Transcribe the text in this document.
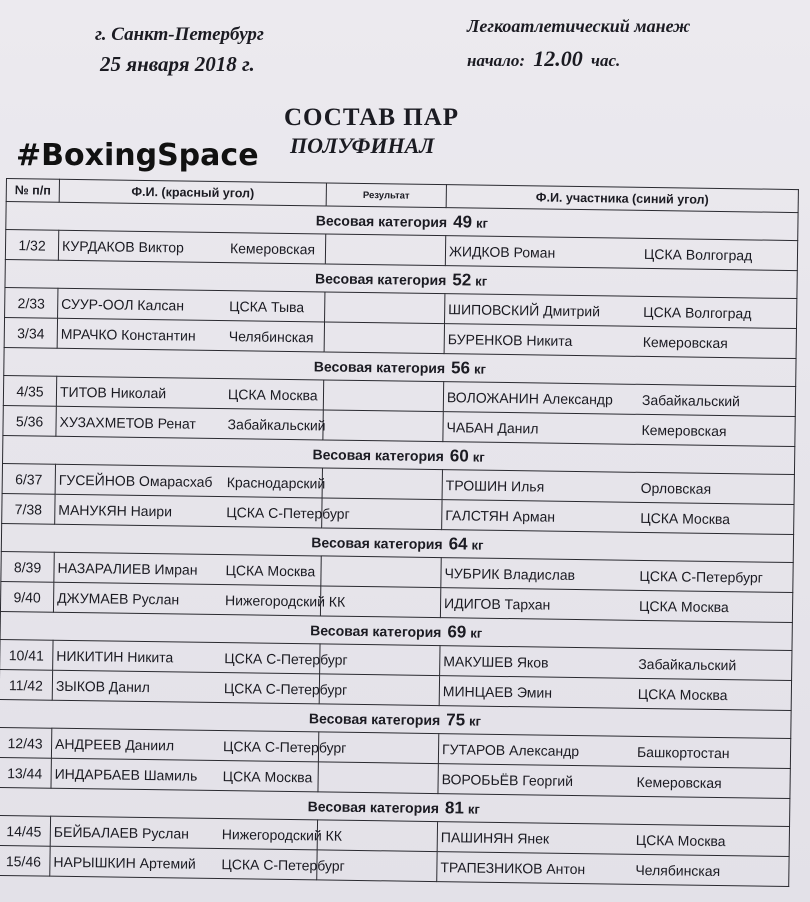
г. Санкт-Петербург
25 января 2018 г.
Легкоатлетический манеж
начало: 12.00 час.
СОСТАВ ПАР
ПОЛУФИНАЛ
#BoxingSpace
№ п/п	Ф.И. (красный угол)	Результат	Ф.И. участника (синий угол)
Весовая категория 49 кг			
1/32	КУРДАКОВ Виктор Кемеровская		ЖИДКОВ Роман ЦСКА Волгоград
Весовая категория 52 кг			
2/33	СУУР-ООЛ Калсан ЦСКА Тыва		ШИПОВСКИЙ Дмитрий ЦСКА Волгоград
3/34	МРАЧКО Константин Челябинская		БУРЕНКОВ Никита Кемеровская
Весовая категория 56 кг			
4/35	ТИТОВ Николай ЦСКА Москва		ВОЛОЖАНИН Александр Забайкальский
5/36	ХУЗАХМЕТОВ Ренат Забайкальский		ЧАБАН Данил Кемеровская
Весовая категория 60 кг			
6/37	ГУСЕЙНОВ Омарасхаб Краснодарский		ТРОШИН Илья Орловская
7/38	МАНУКЯН Наири ЦСКА С-Петербург		ГАЛСТЯН Арман ЦСКА Москва
Весовая категория 64 кг			
8/39	НАЗАРАЛИЕВ Имран ЦСКА Москва		ЧУБРИК Владислав ЦСКА С-Петербург
9/40	ДЖУМАЕВ Руслан Нижегородский КК		ИДИГОВ Тархан ЦСКА Москва
Весовая категория 69 кг			
10/41	НИКИТИН Никита ЦСКА С-Петербург		МАКУШЕВ Яков Забайкальский
11/42	ЗЫКОВ Данил ЦСКА С-Петербург		МИНЦАЕВ Эмин ЦСКА Москва
Весовая категория 75 кг			
12/43	АНДРЕЕВ Даниил ЦСКА С-Петербург		ГУТАРОВ Александр Башкортостан
13/44	ИНДАРБАЕВ Шамиль ЦСКА Москва		ВОРОБЬЁВ Георгий Кемеровская
Весовая категория 81 кг			
14/45	БЕЙБАЛАЕВ Руслан Нижегородский КК		ПАШИНЯН Янек ЦСКА Москва
15/46	НАРЫШКИН Артемий ЦСКА С-Петербург		ТРАПЕЗНИКОВ Антон Челябинская
